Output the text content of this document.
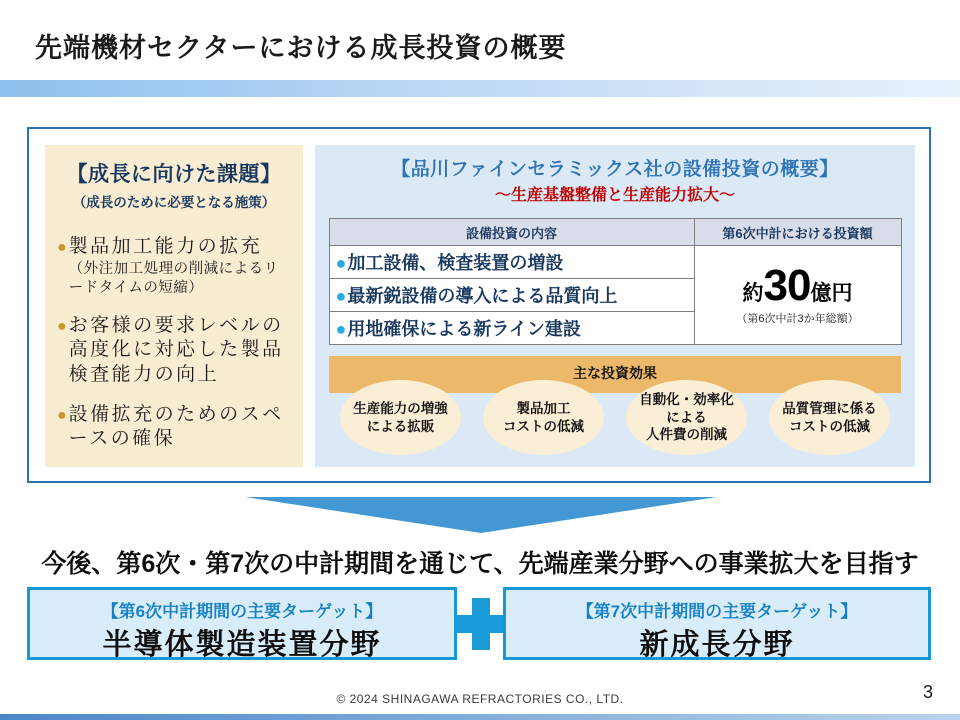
先端機材セクターにおける成長投資の概要
【成長に向けた課題】
（成長のために必要となる施策）
● 製品加工能力の拡充
（外注加工処理の削減によるリードタイムの短縮）
● お客様の要求レベルの高度化に対応した製品検査能力の向上
● 設備拡充のためのスペースの確保
【品川ファインセラミックス社の設備投資の概要】
～生産基盤整備と生産能力拡大～
設備投資の内容	第6次中計における投資額
●加工設備、検査装置の増設	約30億円
（第6次中計3か年総額）

●最新鋭設備の導入による品質向上	
●用地確保による新ライン建設	
主な投資効果
生産能力の増強
による拡販
製品加工
コストの低減
自動化・効率化
による
人件費の削減
品質管理に係る
コストの低減
今後、第6次・第7次の中計期間を通じて、先端産業分野への事業拡大を目指す
【第6次中計期間の主要ターゲット】
半導体製造装置分野
【第7次中計期間の主要ターゲット】
新成長分野
© 2024 SHINAGAWA REFRACTORIES CO., LTD.	3
